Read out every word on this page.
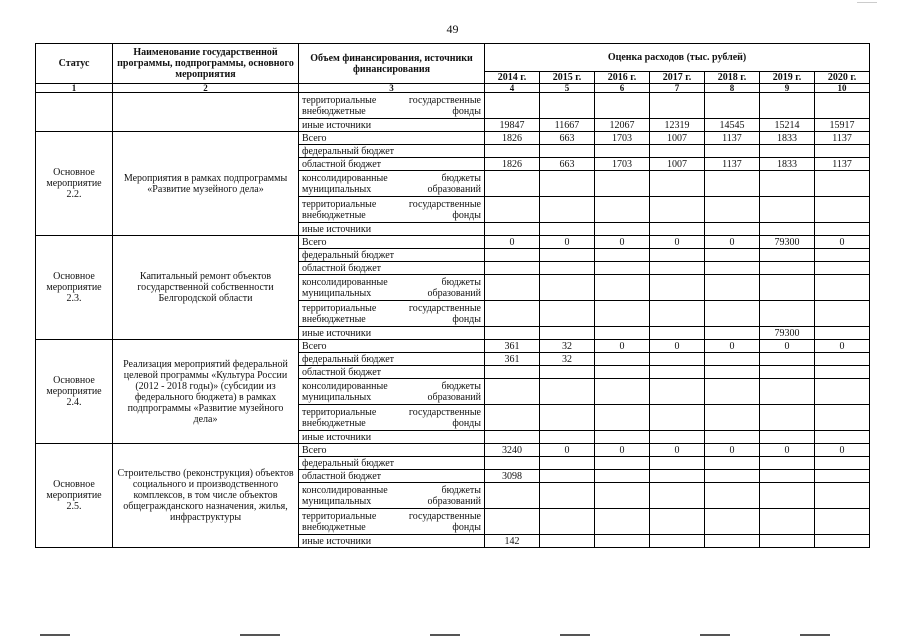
49
Статус	Наименование государственной программы, подпрограммы, основного мероприятия	Объем финансирования, источники финансирования	Оценка расходов (тыс. рублей)						
			2014 г.	2015 г.	2016 г.	2017 г.	2018 г.	2019 г.	2020 г.
1	2	3	4	5	6	7	8	9	10
		территориальные государственные внебюджетные фонды							
		иные источники	19847	11667	12067	12319	14545	15214	15917
Основное мероприятие 2.2.	Мероприятия в рамках подпрограммы «Развитие музейного дела»	Всего	1826	663	1703	1007	1137	1833	1137
		федеральный бюджет							
		областной бюджет	1826	663	1703	1007	1137	1833	1137
		консолидированные бюджеты муниципальных образований							
		территориальные государственные внебюджетные фонды							
		иные источники							
Основное мероприятие 2.3.	Капитальный ремонт объектов государственной собственности Белгородской области	Всего	0	0	0	0	0	79300	0
		федеральный бюджет							
		областной бюджет							
		консолидированные бюджеты муниципальных образований							
		территориальные государственные внебюджетные фонды							
		иные источники						79300	
Основное мероприятие 2.4.	Реализация мероприятий федеральной целевой программы «Культура России (2012 - 2018 годы)» (субсидии из федерального бюджета) в рамках подпрограммы «Развитие музейного дела»	Всего	361	32	0	0	0	0	0
		федеральный бюджет	361	32					
		областной бюджет							
		консолидированные бюджеты муниципальных образований							
		территориальные государственные внебюджетные фонды							
		иные источники							
Основное мероприятие 2.5.	Строительство (реконструкция) объектов социального и производственного комплексов, в том числе объектов общегражданского назначения, жилья, инфраструктуры	Всего	3240	0	0	0	0	0	0
		федеральный бюджет							
		областной бюджет	3098						
		консолидированные бюджеты муниципальных образований							
		территориальные государственные внебюджетные фонды							
		иные источники	142						
